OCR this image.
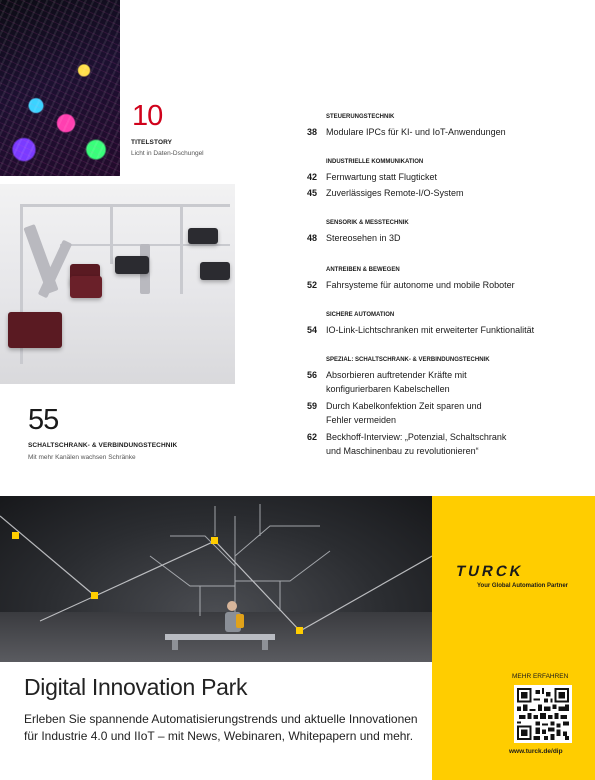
10
TITELSTORY
Licht in Daten-Dschungel
55
SCHALTSCHRANK- & VERBINDUNGSTECHNIK
Mit mehr Kanälen wachsen Schränke
STEUERUNGSTECHNIK
38 Modulare IPCs für KI- und IoT-Anwendungen
INDUSTRIELLE KOMMUNIKATION
42 Fernwartung statt Flugticket
45 Zuverlässiges Remote-I/O-System
SENSORIK & MESSTECHNIK
48 Stereosehen in 3D
ANTREIBEN & BEWEGEN
52 Fahrsysteme für autonome und mobile Roboter
SICHERE AUTOMATION
54 IO-Link-Lichtschranken mit erweiterter Funktionalität
SPEZIAL: SCHALTSCHRANK- & VERBINDUNGSTECHNIK
56 Absorbieren auftretender Kräfte mit
konfigurierbaren Kabelschellen
59 Durch Kabelkonfektion Zeit sparen und
Fehler vermeiden
62 Beckhoff-Interview: „Potenzial, Schaltschrank
und Maschinenbau zu revolutionieren“
Digital Innovation Park
Erleben Sie spannende Automatisierungstrends und aktuelle Innovationen für Industrie 4.0 und IIoT – mit News, Webinaren, Whitepapern und mehr.
TURCK
Your Global Automation Partner
MEHR ERFAHREN
www.turck.de/dip
